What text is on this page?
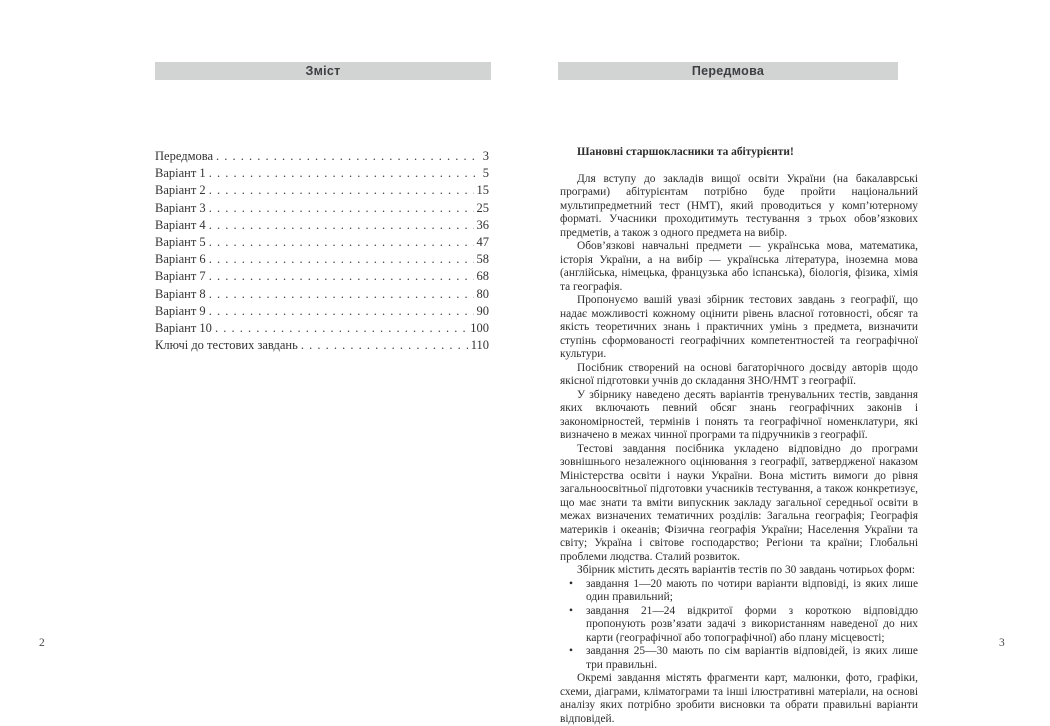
Зміст
Передмова . . .	3
Варіант 1 . . .	5
Варіант 2 . . .	15
Варіант 3 . . .	25
Варіант 4 . . .	36
Варіант 5 . . .	47
Варіант 6 . . .	58
Варіант 7 . . .	68
Варіант 8 . . .	80
Варіант 9 . . .	90
Варіант 10 . . .	100
Ключі до тестових завдань . . .	110
2
Передмова

Шановні старшокласники та абітурієнти!

Для вступу до закладів вищої освіти України (на бакалаврські програми) абітурієнтам потрібно буде пройти національний мультипредметний тест (НМТ), який проводиться у комп’ютерному форматі. Учасники проходитимуть тестування з трьох обов’язкових предметів, а також з одного предмета на вибір.

Обов’язкові навчальні предмети — українська мова, математика, історія України, а на вибір — українська література, іноземна мова (англійська, німецька, французька або іспанська), біологія, фізика, хімія та географія.

Пропонуємо вашій увазі збірник тестових завдань з географії, що надає можливості кожному оцінити рівень власної готовності, обсяг та якість теоретичних знань і практичних умінь з предмета, визначити ступінь сформованості географічних компетентностей та географічної культури.

Посібник створений на основі багаторічного досвіду авторів щодо якісної підготовки учнів до складання ЗНО/НМТ з географії.

У збірнику наведено десять варіантів тренувальних тестів, завдання яких включають певний обсяг знань географічних законів і закономірностей, термінів і понять та географічної номенклатури, які визначено в межах чинної програми та підручників з географії.

Тестові завдання посібника укладено відповідно до програми зовнішнього незалежного оцінювання з географії, затвердженої наказом Міністерства освіти і науки України. Вона містить вимоги до рівня загальноосвітньої підготовки учасників тестування, а також конкретизує, що має знати та вміти випускник закладу загальної середньої освіти в межах визначених тематичних розділів: Загальна географія; Географія материків і океанів; Фізична географія України; Населення України та світу; Україна і світове господарство; Регіони та країни; Глобальні проблеми людства. Сталий розвиток.

Збірник містить десять варіантів тестів по 30 завдань чотирьох форм:

• завдання 1—20 мають по чотири варіанти відповіді, із яких лише один правильний;
• завдання 21—24 відкритої форми з короткою відповіддю пропонують розв’язати задачі з використанням наведеної до них карти (географічної або топографічної) або плану місцевості;
• завдання 25—30 мають по сім варіантів відповідей, із яких лише три правильні.

Окремі завдання містять фрагменти карт, малюнки, фото, графіки, схеми, діаграми, кліматограми та інші ілюстративні матеріали, на основі аналізу яких потрібно зробити висновки та обрати правильні варіанти відповідей.

3
